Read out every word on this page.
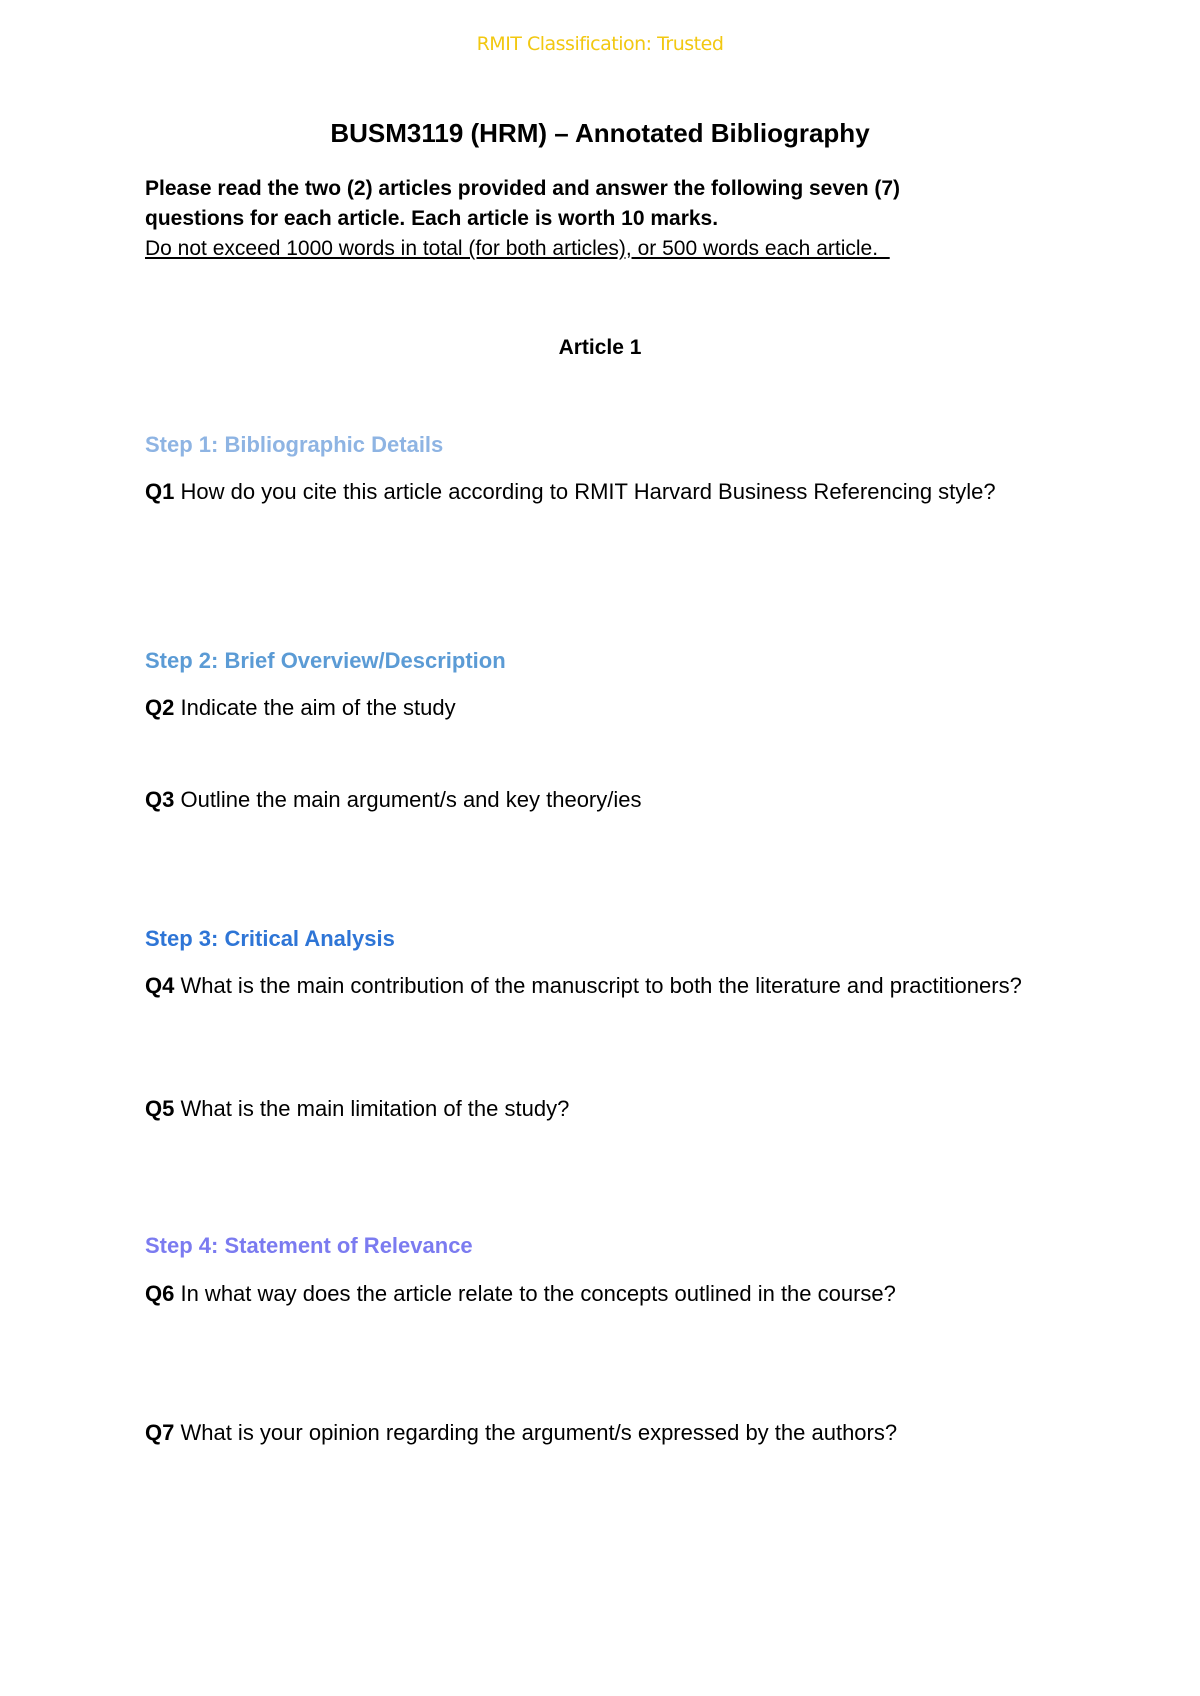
RMIT Classification: Trusted
BUSM3119 (HRM) – Annotated Bibliography
Please read the two (2) articles provided and answer the following seven (7)
questions for each article. Each article is worth 10 marks.
Do not exceed 1000 words in total (for both articles), or 500 words each article.
Article 1
Step 1: Bibliographic Details
Q1 How do you cite this article according to RMIT Harvard Business Referencing style?
Step 2: Brief Overview/Description
Q2 Indicate the aim of the study
Q3 Outline the main argument/s and key theory/ies
Step 3: Critical Analysis
Q4 What is the main contribution of the manuscript to both the literature and practitioners?
Q5 What is the main limitation of the study?
Step 4: Statement of Relevance
Q6 In what way does the article relate to the concepts outlined in the course?
Q7 What is your opinion regarding the argument/s expressed by the authors?
